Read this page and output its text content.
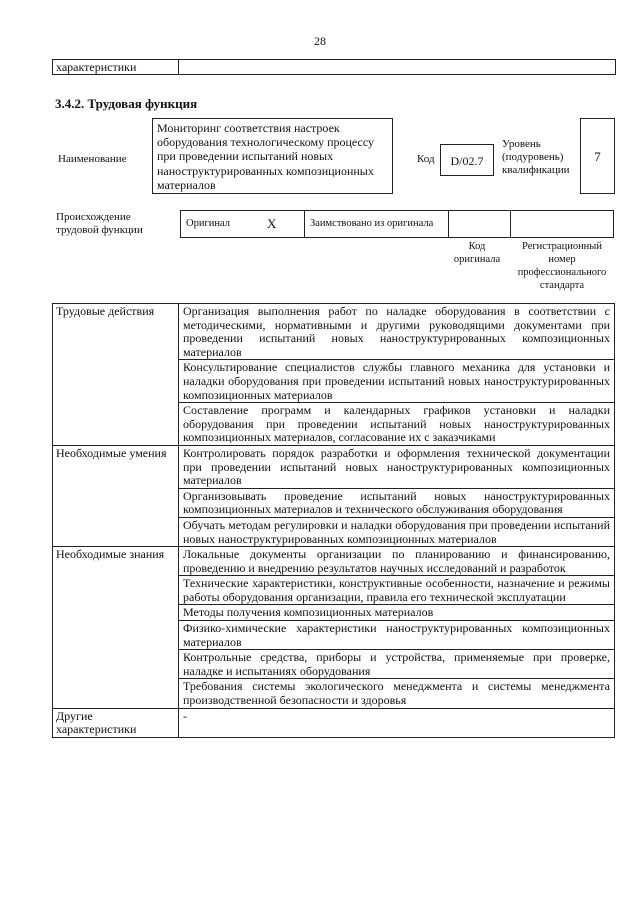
28
характеристики
3.4.2. Трудовая функция
Наименование
Мониторинг соответствия настроек оборудования технологическому процессу при проведении испытаний новых наноструктурированных композиционных материалов
Код	D/02.7
Уровень (подуровень) квалификации
7
Происхождение трудовой функции
Оригинал	X	Заимствовано из оригинала
Код оригинала
Регистрационный номер профессионального стандарта
Трудовые действия	Организация выполнения работ по наладке оборудования в соответствии с методическими, нормативными и другими руководящими документами при проведении испытаний новых наноструктурированных композиционных материалов
	Консультирование специалистов службы главного механика для установки и наладки оборудования при проведении испытаний новых наноструктурированных композиционных материалов
	Составление программ и календарных графиков установки и наладки оборудования при проведении испытаний новых наноструктурированных композиционных материалов, согласование их с заказчиками
Необходимые умения	Контролировать порядок разработки и оформления технической документации при проведении испытаний новых наноструктурированных композиционных материалов
	Организовывать проведение испытаний новых наноструктурированных композиционных материалов и технического обслуживания оборудования
	Обучать методам регулировки и наладки оборудования при проведении испытаний новых наноструктурированных композиционных материалов
Необходимые знания	Локальные документы организации по планированию и финансированию, проведению и внедрению результатов научных исследований и разработок
	Технические характеристики, конструктивные особенности, назначение и режимы работы оборудования организации, правила его технической эксплуатации
	Методы получения композиционных материалов
	Физико-химические характеристики наноструктурированных композиционных материалов
	Контрольные средства, приборы и устройства, применяемые при проверке, наладке и испытаниях оборудования
	Требования системы экологического менеджмента и системы менеджмента производственной безопасности и здоровья
Другие характеристики	-
